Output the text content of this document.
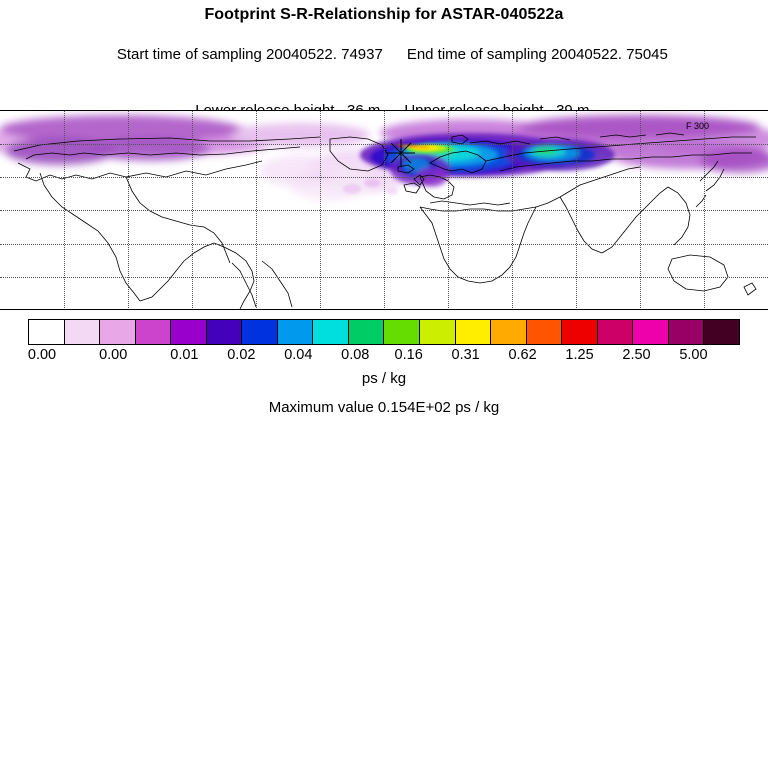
Footprint S-R-Relationship for ASTAR-040522a

Start time of sampling 20040522. 74937 End time of sampling 20040522. 75045

F 300
0.00	0.00	0.01	0.02	0.04	0.08	0.16	0.31	0.62	1.25	2.50	5.00
ps / kg
Maximum value 0.154E+02 ps / kg
